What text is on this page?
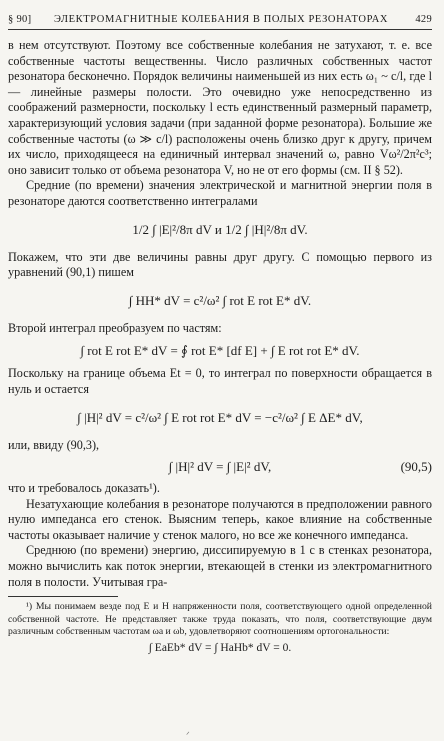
§ 90] ЭЛЕКТРОМАГНИТНЫЕ КОЛЕБАНИЯ В ПОЛЫХ РЕЗОНАТОРАХ	429

в нем отсутствуют. Поэтому все собственные колебания не затухают, т. е. все собственные частоты вещественны. Число различных собственных частот резонатора бесконечно. Порядок величины наименьшей из них есть ω₁ ~ c/l, где l — линейные размеры полости. Это очевидно уже непосредственно из соображений размерности, поскольку l есть единственный размерный параметр, характеризующий условия задачи (при заданной форме резонатора). Большие же собственные частоты (ω ≫ c/l) расположены очень близко друг к другу, причем их число, приходящееся на единичный интервал значений ω, равно Vω²/2π²c³; оно зависит только от объема резонатора V, но не от его формы (см. II § 52).

Средние (по времени) значения электрической и магнитной энергии поля в резонаторе даются соответственно интегралами

1/2 ∫ |E|²/8π dV и 1/2 ∫ |H|²/8π dV.

Покажем, что эти две величины равны друг другу. С помощью первого из уравнений (90,1) пишем

∫ HH* dV = c²/ω² ∫ rot E rot E* dV.

Второй интеграл преобразуем по частям:

∫ rot E rot E* dV = ∮ rot E* [df E] + ∫ E rot rot E* dV.

Поскольку на границе объема Et = 0, то интеграл по поверхности обращается в нуль и остается

∫ |H|² dV = c²/ω² ∫ E rot rot E* dV = −c²/ω² ∫ E ΔE* dV,

или, ввиду (90,3),

∫ |H|² dV = ∫ |E|² dV,	(90,5)

что и требовалось доказать¹).

Незатухающие колебания в резонаторе получаются в предположении равного нулю импеданса его стенок. Выясним теперь, какое влияние на собственные частоты оказывает наличие у стенок малого, но все же конечного импеданса.

Среднюю (по времени) энергию, диссипируемую в 1 с в стенках резонатора, можно вычислить как поток энергии, втекающей в стенки из электромагнитного поля в полости. Учитывая гра-

¹) Мы понимаем везде под E и H напряженности поля, соответствующего одной определенной собственной частоте. Не представляет также труда показать, что поля, соответствующие двум различным собственным частотам ωa и ωb, удовлетворяют соотношениям ортогональности:

∫ EaEb* dV = ∫ HaHb* dV = 0.
ᐟ
